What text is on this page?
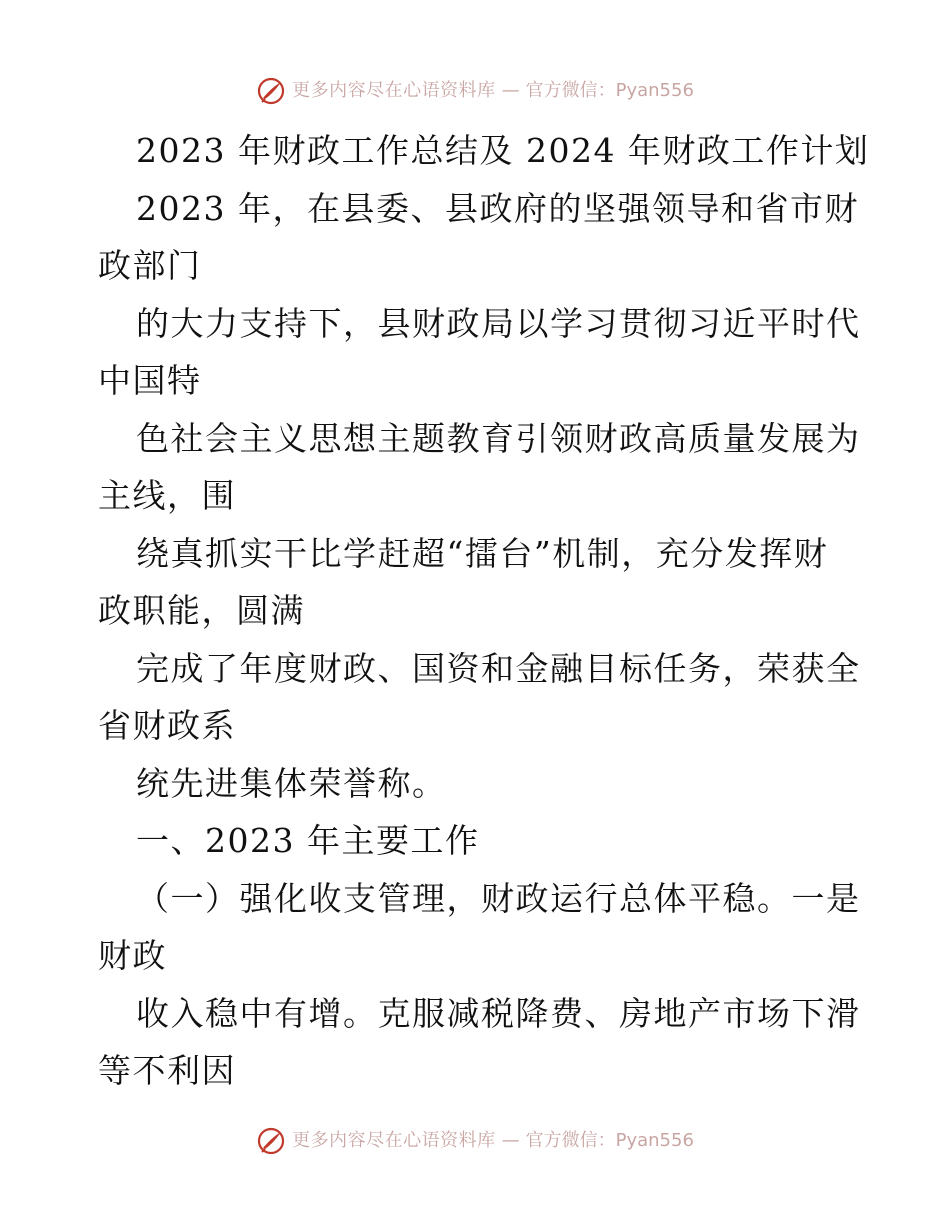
更多内容尽在心语资料库 — 官方微信：Pyan556
2023 年财政工作总结及 2024 年财政工作计划
2023 年，在县委、县政府的坚强领导和省市财
政部门
的大力支持下，县财政局以学习贯彻习近平时代
中国特
色社会主义思想主题教育引领财政高质量发展为
主线，围
绕真抓实干比学赶超“擂台”机制，充分发挥财
政职能，圆满
完成了年度财政、国资和金融目标任务，荣获全
省财政系
统先进集体荣誉称。
一、2023 年主要工作
（一）强化收支管理，财政运行总体平稳。一是
财政
收入稳中有增。克服减税降费、房地产市场下滑
等不利因
更多内容尽在心语资料库 — 官方微信：Pyan556
